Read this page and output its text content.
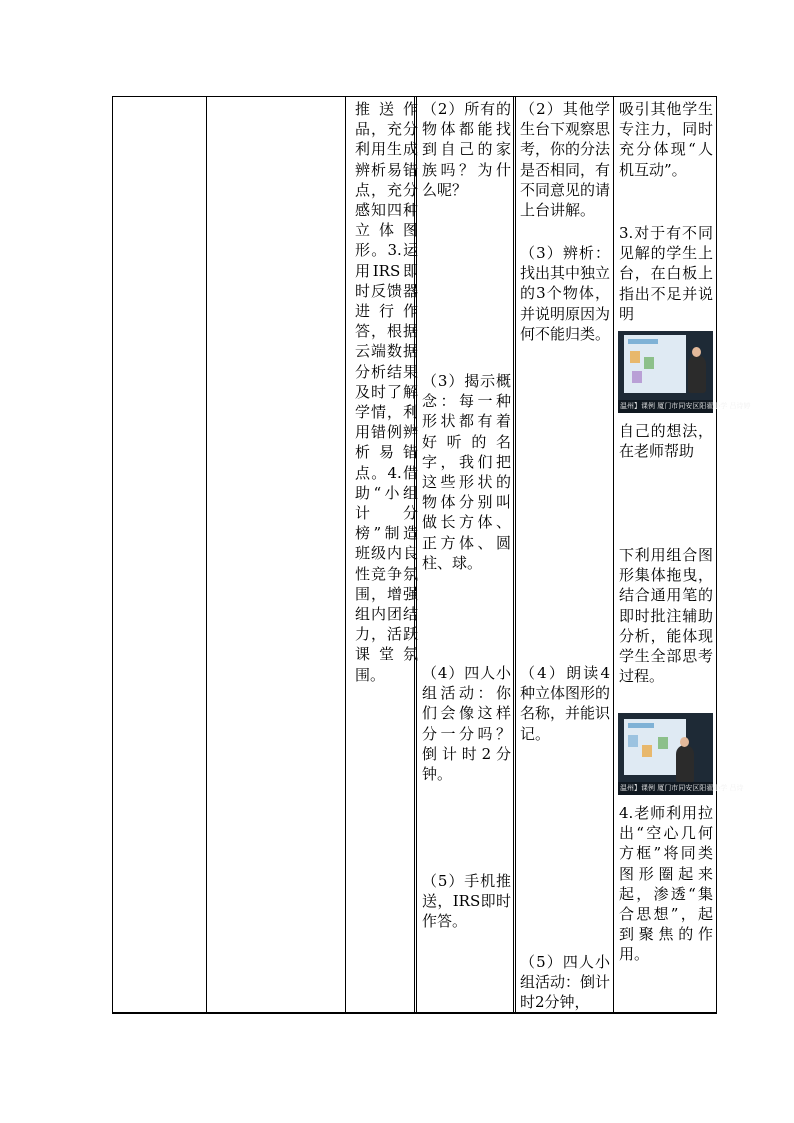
推送作品，充分利用生成辨析易错点，充分感知四种立体图形。3.运用IRS即时反馈器进行作答，根据云端数据分析结果及时了解学情，利用错例辨析易错点。4.借助“小组计分榜”制造班级内良性竞争氛围，增强组内团结力，活跃课堂氛围。

（2）所有的物体都能找到自己的家族吗？为什么呢？
（3）揭示概念：每一种形状都有着好听的名字，我们把这些形状的物体分别叫做长方体、正方体、圆柱、球。
（4）四人小组活动：你们会像这样分一分吗？倒计时2分钟。
（5）手机推送，IRS即时作答。
（2）其他学生台下观察思考，你的分法是否相同，有不同意见的请上台讲解。
（3）辨析：找出其中独立的3个物体，并说明原因为何不能归类。
（4）朗读4种立体图形的名称，并能识记。
（5）四人小组活动：倒计时2分钟，
吸引其他学生专注力，同时充分体现“人机互动”。
3.对于有不同见解的学生上台，在白板上指出不足并说明
温州】课例 厦门市同安区阳翟小学 吕诗婷
自己的想法，在老师帮助
下利用组合图形集体拖曳，结合通用笔的即时批注辅助分析，能体现学生全部思考过程。
温州】课例 厦门市同安区阳翟小学 吕诗
4.老师利用拉出“空心几何方框”将同类图形圈起来起，渗透“集合思想”，起到聚焦的作用。
